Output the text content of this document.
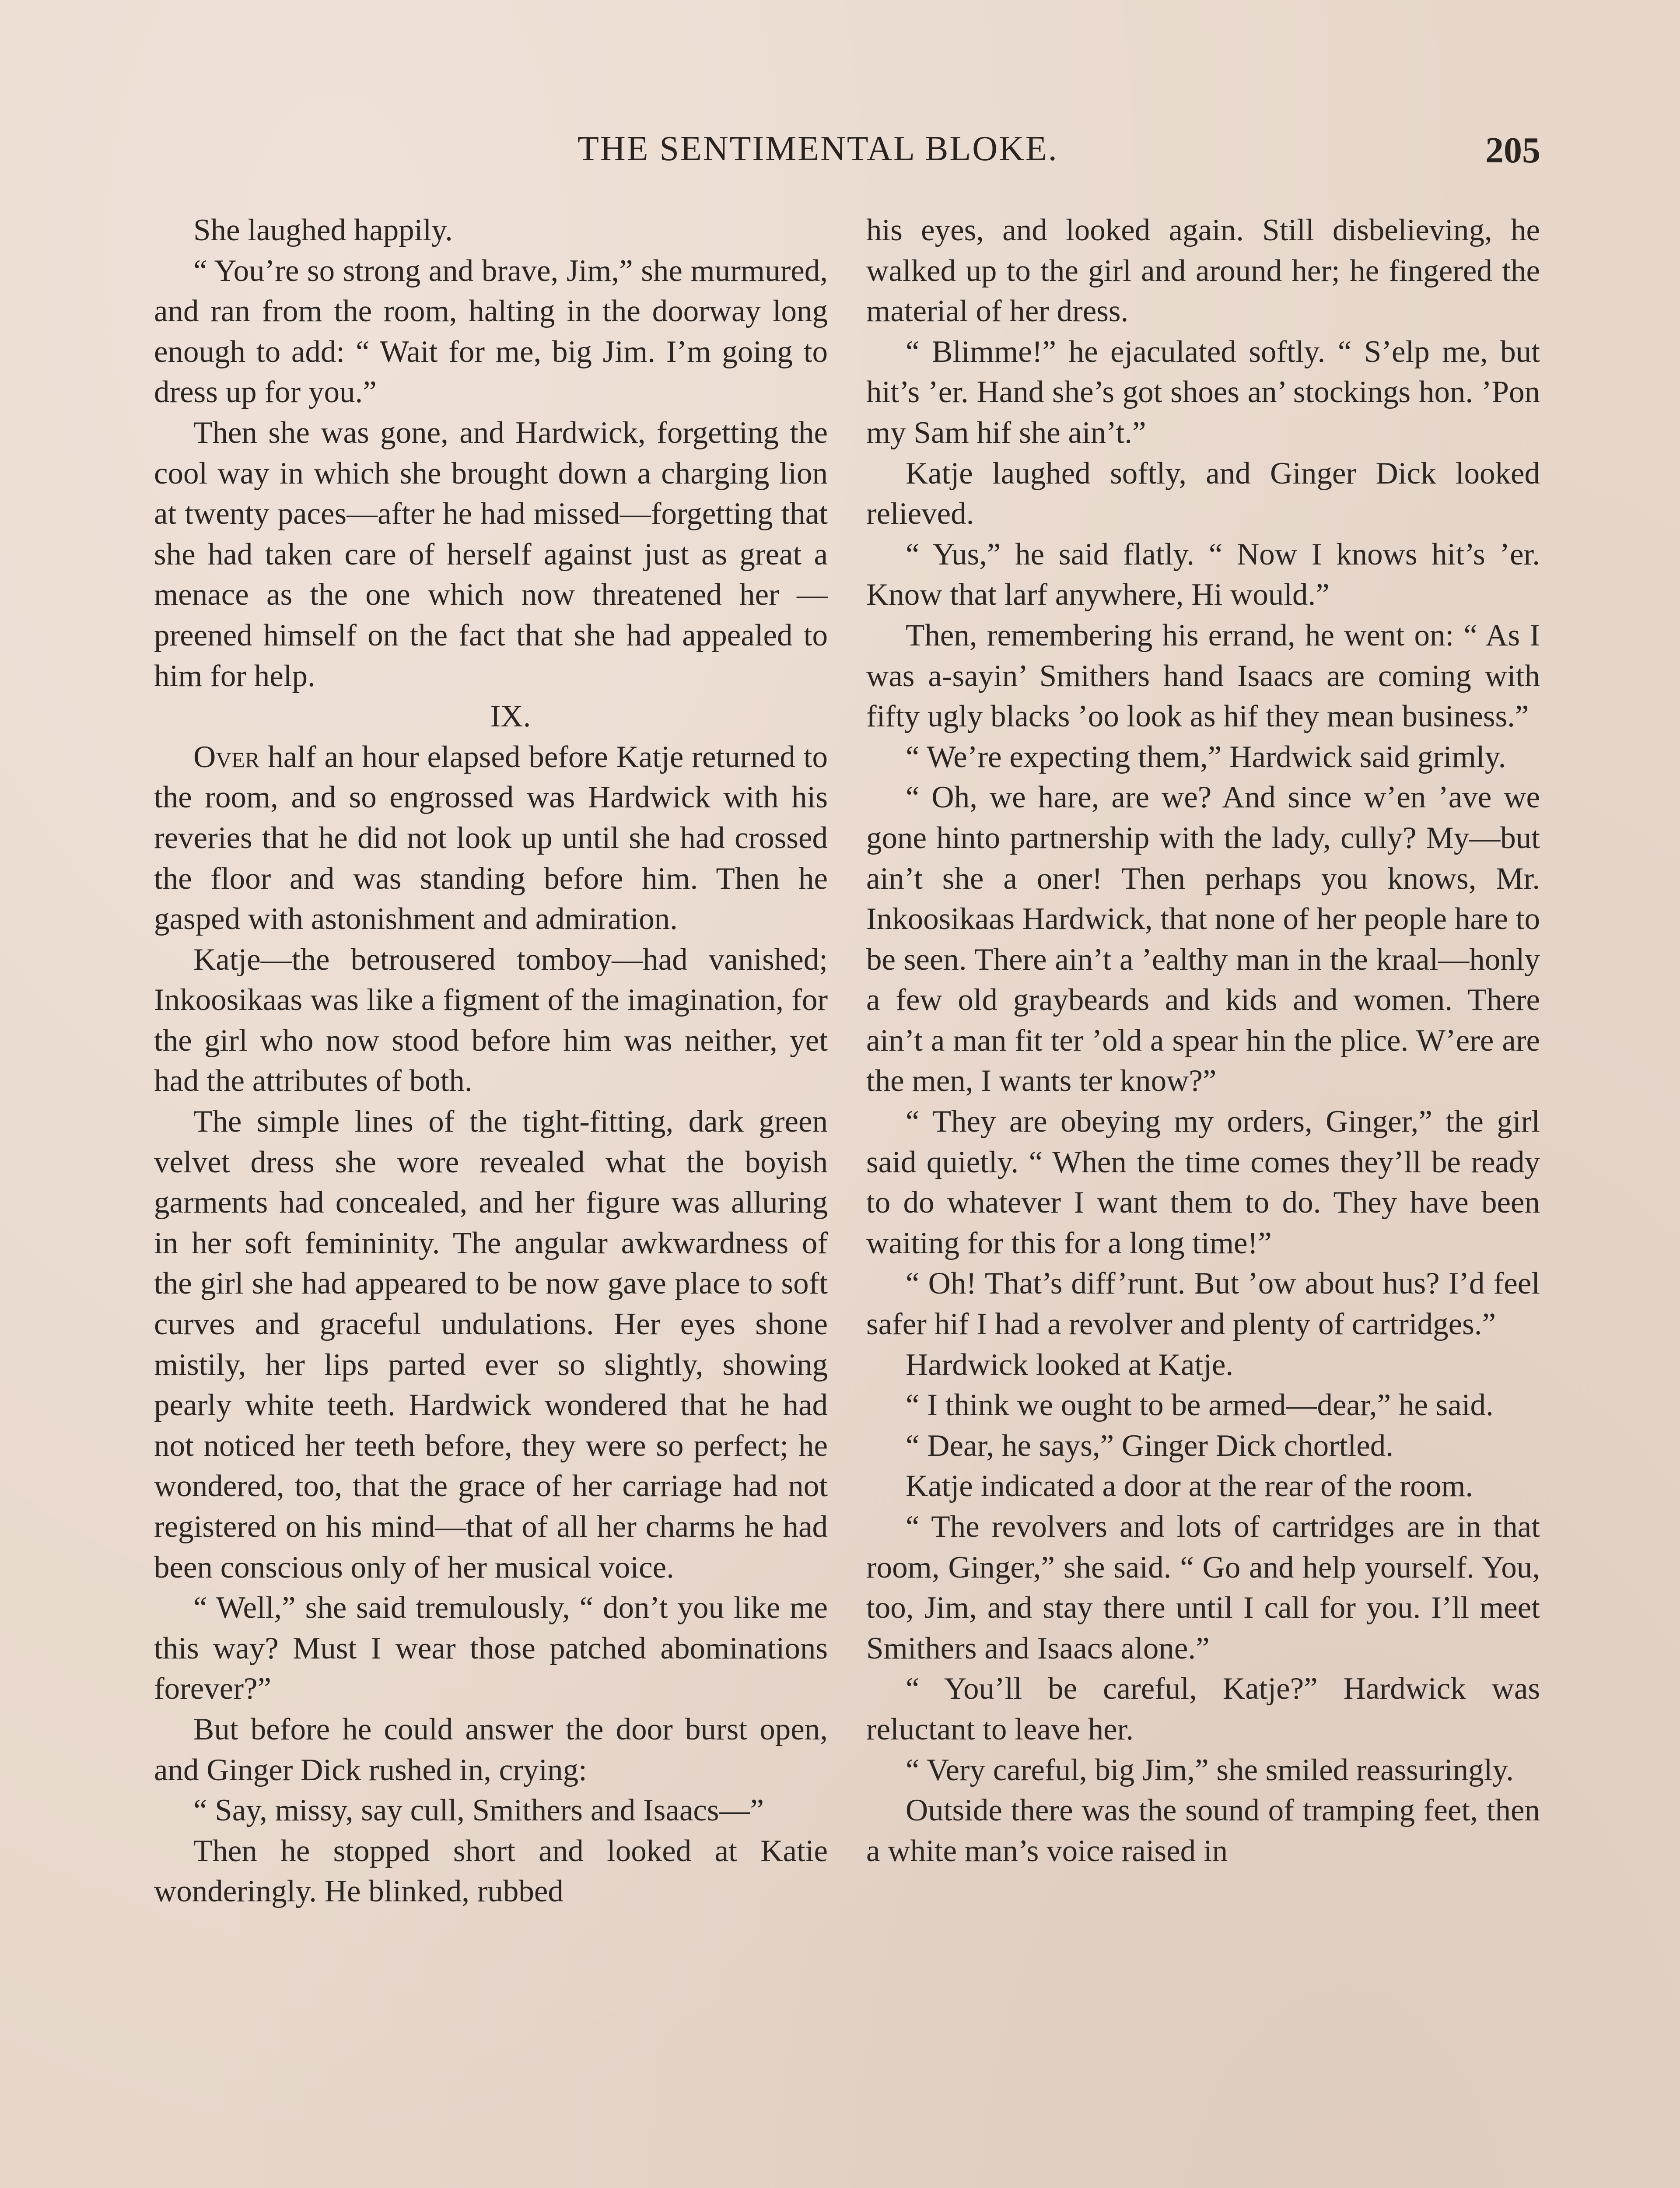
THE SENTIMENTAL BLOKE.	205

She laughed happily.

“ You’re so strong and brave, Jim,” she murmured, and ran from the room, halting in the doorway long enough to add: “ Wait for me, big Jim. I’m going to dress up for you.”

Then she was gone, and Hardwick, forgetting the cool way in which she brought down a charging lion at twenty paces—after he had missed—forgetting that she had taken care of herself against just as great a menace as the one which now threatened her —preened himself on the fact that she had appealed to him for help.

IX.

Over half an hour elapsed before Katje returned to the room, and so engrossed was Hardwick with his reveries that he did not look up until she had crossed the floor and was standing before him. Then he gasped with astonishment and admiration.

Katje—the betrousered tomboy—had vanished; Inkoosikaas was like a figment of the imagination, for the girl who now stood before him was neither, yet had the attributes of both.

The simple lines of the tight-fitting, dark green velvet dress she wore revealed what the boyish garments had concealed, and her figure was alluring in her soft femininity. The angular awkwardness of the girl she had appeared to be now gave place to soft curves and graceful undulations. Her eyes shone mistily, her lips parted ever so slightly, showing pearly white teeth. Hardwick wondered that he had not noticed her teeth before, they were so perfect; he wondered, too, that the grace of her carriage had not registered on his mind—that of all her charms he had been conscious only of her musical voice.

“ Well,” she said tremulously, “ don’t you like me this way? Must I wear those patched abominations forever?”

But before he could answer the door burst open, and Ginger Dick rushed in, crying:

“ Say, missy, say cull, Smithers and Isaacs—”

Then he stopped short and looked at Katie wonderingly. He blinked, rubbed

his eyes, and looked again. Still disbelieving, he walked up to the girl and around her; he fingered the material of her dress.

“ Blimme!” he ejaculated softly. “ S’elp me, but hit’s ’er. Hand she’s got shoes an’ stockings hon. ’Pon my Sam hif she ain’t.”

Katje laughed softly, and Ginger Dick looked relieved.

“ Yus,” he said flatly. “ Now I knows hit’s ’er. Know that larf anywhere, Hi would.”

Then, remembering his errand, he went on: “ As I was a-sayin’ Smithers hand Isaacs are coming with fifty ugly blacks ’oo look as hif they mean business.”

“ We’re expecting them,” Hardwick said grimly.

“ Oh, we hare, are we? And since w’en ’ave we gone hinto partnership with the lady, cully? My—but ain’t she a oner! Then perhaps you knows, Mr. Inkoosikaas Hardwick, that none of her people hare to be seen. There ain’t a ’ealthy man in the kraal—honly a few old graybeards and kids and women. There ain’t a man fit ter ’old a spear hin the plice. W’ere are the men, I wants ter know?”

“ They are obeying my orders, Ginger,” the girl said quietly. “ When the time comes they’ll be ready to do whatever I want them to do. They have been waiting for this for a long time!”

“ Oh! That’s diff’runt. But ’ow about hus? I’d feel safer hif I had a revolver and plenty of cartridges.”

Hardwick looked at Katje.

“ I think we ought to be armed—dear,” he said.

“ Dear, he says,” Ginger Dick chortled.

Katje indicated a door at the rear of the room.

“ The revolvers and lots of cartridges are in that room, Ginger,” she said. “ Go and help yourself. You, too, Jim, and stay there until I call for you. I’ll meet Smithers and Isaacs alone.”

“ You’ll be careful, Katje?” Hardwick was reluctant to leave her.

“ Very careful, big Jim,” she smiled reassuringly.

Outside there was the sound of tramping feet, then a white man’s voice raised in
